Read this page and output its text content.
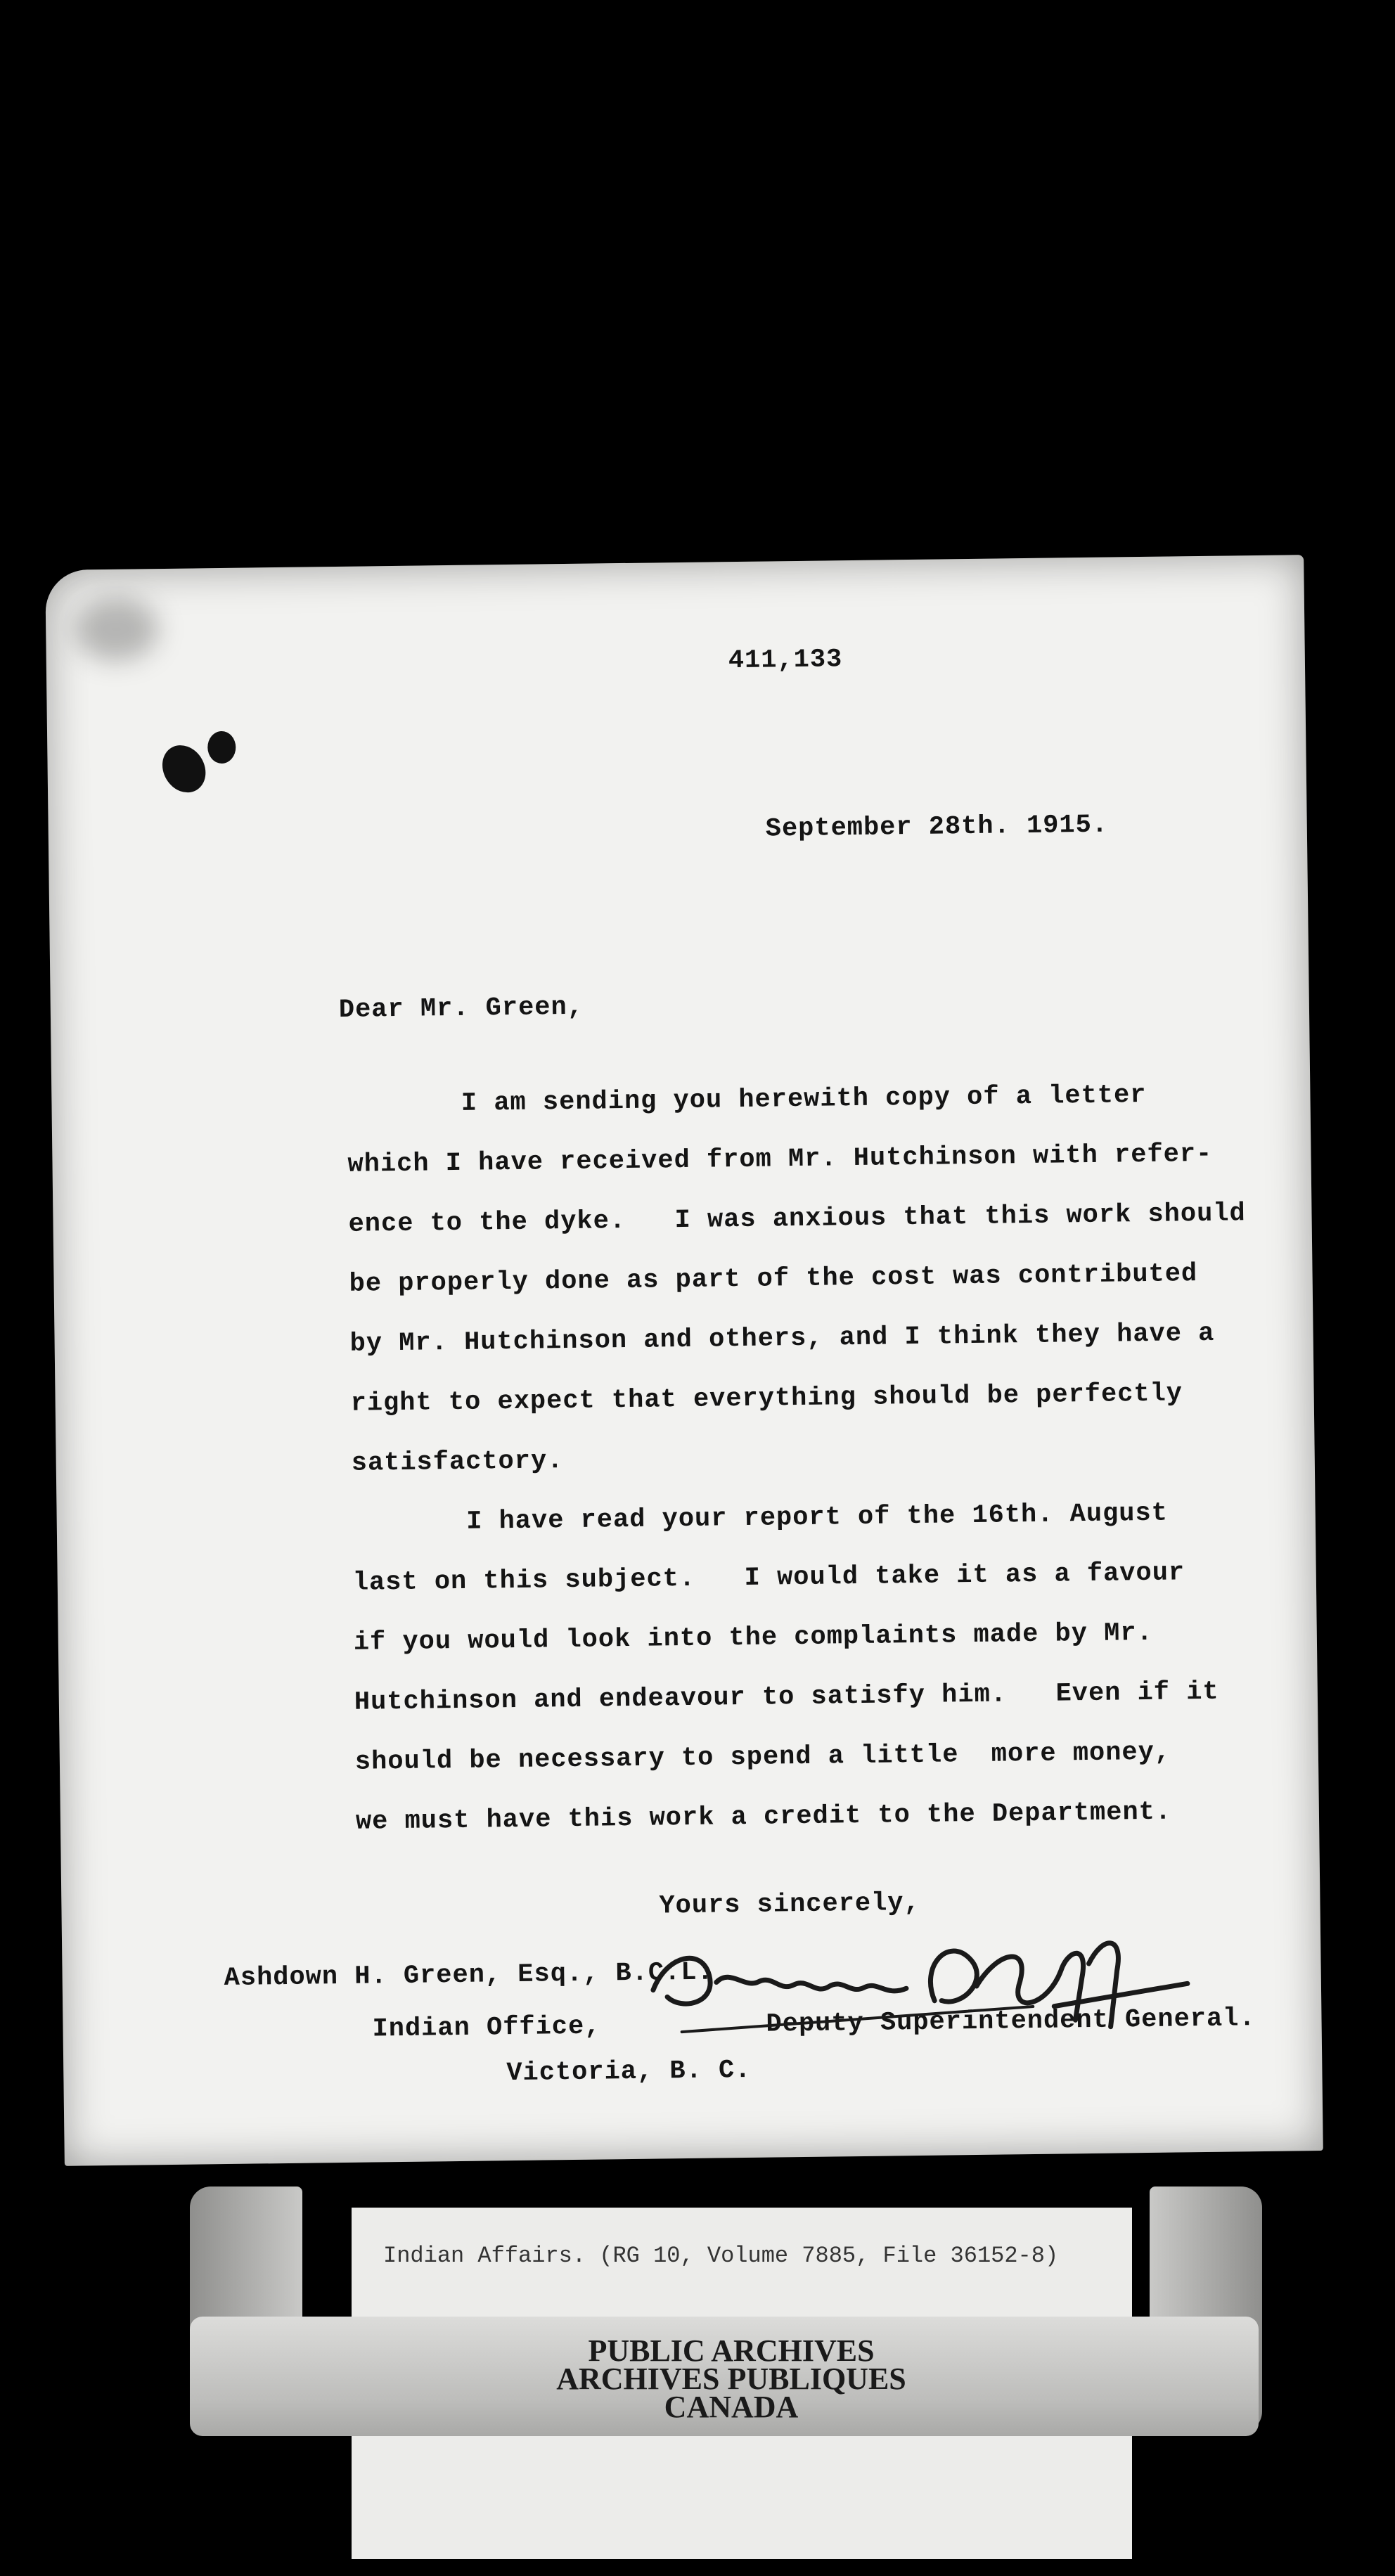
411,133
September 28th. 1915.
Dear Mr. Green,
I am sending you herewith copy of a letter
which I have received from Mr. Hutchinson with refer-
ence to the dyke.   I was anxious that this work should
be properly done as part of the cost was contributed
by Mr. Hutchinson and others, and I think they have a
right to expect that everything should be perfectly
satisfactory.
I have read your report of the 16th. August
last on this subject.   I would take it as a favour
if you would look into the complaints made by Mr.
Hutchinson and endeavour to satisfy him.   Even if it
should be necessary to spend a little  more money,
we must have this work a credit to the Department.
Yours sincerely,
Ashdown H. Green, Esq., B.C.L.
Indian Office,
Victoria, B. C.
Deputy Superintendent General.
Indian Affairs. (RG 10, Volume 7885, File 36152-8)
PUBLIC ARCHIVES
ARCHIVES PUBLIQUES
CANADA
